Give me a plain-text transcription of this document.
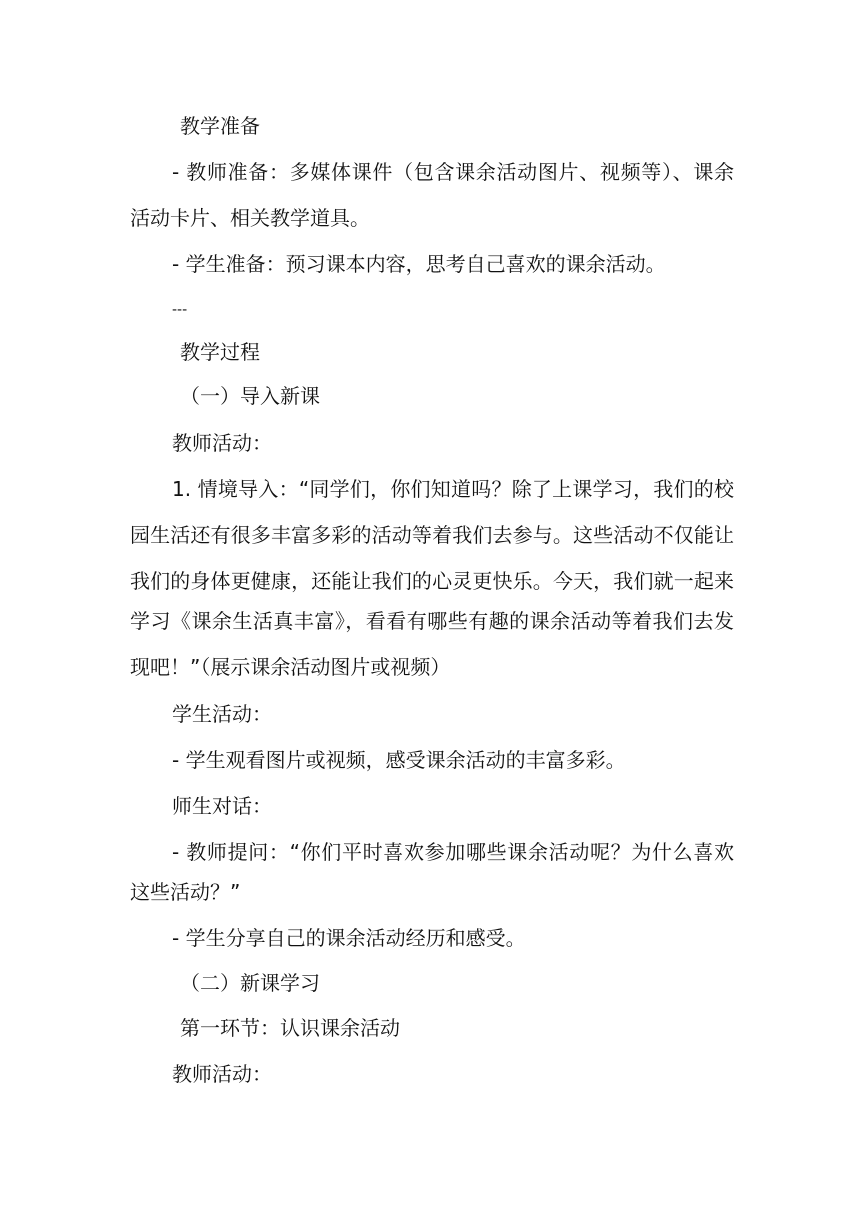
教学准备
- 教师准备：多媒体课件（包含课余活动图片、视频等）、课余
活动卡片、相关教学道具。
- 学生准备：预习课本内容，思考自己喜欢的课余活动。
---
教学过程
（一）导入新课
教师活动：
1. 情境导入：“同学们，你们知道吗？除了上课学习，我们的校
园生活还有很多丰富多彩的活动等着我们去参与。这些活动不仅能让
我们的身体更健康，还能让我们的心灵更快乐。今天，我们就一起来
学习《课余生活真丰富》，看看有哪些有趣的课余活动等着我们去发
现吧！”（展示课余活动图片或视频）
学生活动：
- 学生观看图片或视频，感受课余活动的丰富多彩。
师生对话：
- 教师提问：“你们平时喜欢参加哪些课余活动呢？为什么喜欢
这些活动？”
- 学生分享自己的课余活动经历和感受。
（二）新课学习
第一环节：认识课余活动
教师活动：
